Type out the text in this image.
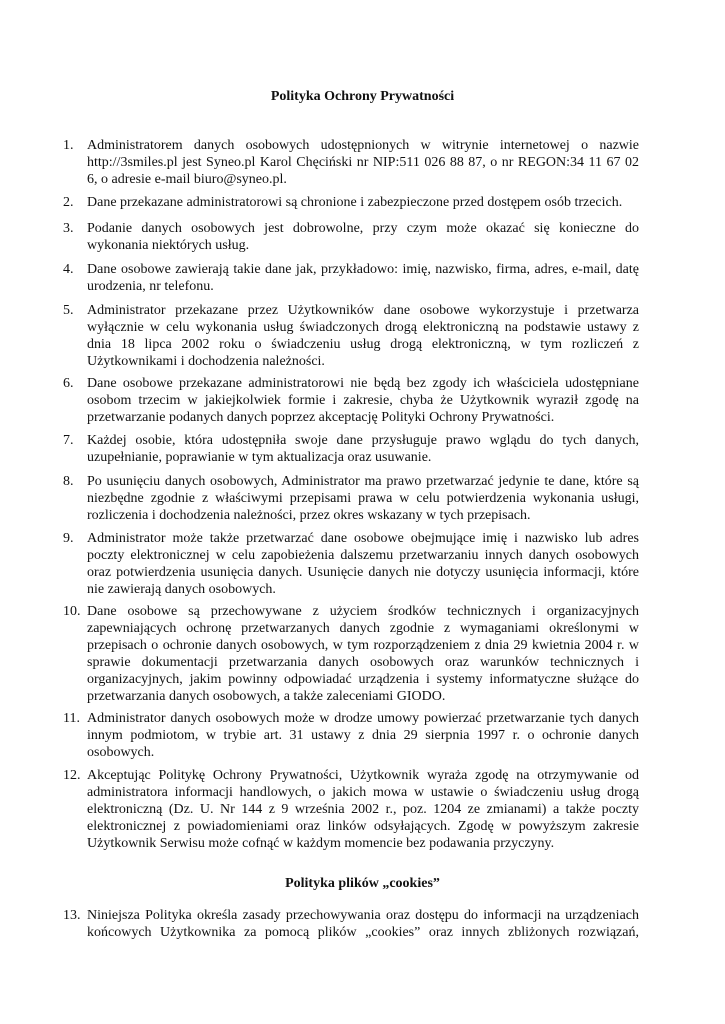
Polityka Ochrony Prywatności
1. Administratorem danych osobowych udostępnionych w witrynie internetowej o nazwie
http://3smiles.pl jest Syneo.pl Karol Chęciński nr NIP:511 026 88 87, o nr REGON:34 11 67 02
6, o adresie e-mail biuro@syneo.pl.
2. Dane przekazane administratorowi są chronione i zabezpieczone przed dostępem osób trzecich.
3. Podanie danych osobowych jest dobrowolne, przy czym może okazać się konieczne do
wykonania niektórych usług.
4. Dane osobowe zawierają takie dane jak, przykładowo: imię, nazwisko, firma, adres, e-mail, datę
urodzenia, nr telefonu.
5. Administrator przekazane przez Użytkowników dane osobowe wykorzystuje i przetwarza
wyłącznie w celu wykonania usług świadczonych drogą elektroniczną na podstawie ustawy z
dnia 18 lipca 2002 roku o świadczeniu usług drogą elektroniczną, w tym rozliczeń z
Użytkownikami i dochodzenia należności.
6. Dane osobowe przekazane administratorowi nie będą bez zgody ich właściciela udostępniane
osobom trzecim w jakiejkolwiek formie i zakresie, chyba że Użytkownik wyraził zgodę na
przetwarzanie podanych danych poprzez akceptację Polityki Ochrony Prywatności.
7. Każdej osobie, która udostępniła swoje dane przysługuje prawo wglądu do tych danych,
uzupełnianie, poprawianie w tym aktualizacja oraz usuwanie.
8. Po usunięciu danych osobowych, Administrator ma prawo przetwarzać jedynie te dane, które są
niezbędne zgodnie z właściwymi przepisami prawa w celu potwierdzenia wykonania usługi,
rozliczenia i dochodzenia należności, przez okres wskazany w tych przepisach.
9. Administrator może także przetwarzać dane osobowe obejmujące imię i nazwisko lub adres
poczty elektronicznej w celu zapobieżenia dalszemu przetwarzaniu innych danych osobowych
oraz potwierdzenia usunięcia danych. Usunięcie danych nie dotyczy usunięcia informacji, które
nie zawierają danych osobowych.
10. Dane osobowe są przechowywane z użyciem środków technicznych i organizacyjnych
zapewniających ochronę przetwarzanych danych zgodnie z wymaganiami określonymi w
przepisach o ochronie danych osobowych, w tym rozporządzeniem z dnia 29 kwietnia 2004 r. w
sprawie dokumentacji przetwarzania danych osobowych oraz warunków technicznych i
organizacyjnych, jakim powinny odpowiadać urządzenia i systemy informatyczne służące do
przetwarzania danych osobowych, a także zaleceniami GIODO.
11. Administrator danych osobowych może w drodze umowy powierzać przetwarzanie tych danych
innym podmiotom, w trybie art. 31 ustawy z dnia 29 sierpnia 1997 r. o ochronie danych
osobowych.
12. Akceptując Politykę Ochrony Prywatności, Użytkownik wyraża zgodę na otrzymywanie od
administratora informacji handlowych, o jakich mowa w ustawie o świadczeniu usług drogą
elektroniczną (Dz. U. Nr 144 z 9 września 2002 r., poz. 1204 ze zmianami) a także poczty
elektronicznej z powiadomieniami oraz linków odsyłających. Zgodę w powyższym zakresie
Użytkownik Serwisu może cofnąć w każdym momencie bez podawania przyczyny.
Polityka plików „cookies”
13. Niniejsza Polityka określa zasady przechowywania oraz dostępu do informacji na urządzeniach
końcowych Użytkownika za pomocą plików „cookies” oraz innych zbliżonych rozwiązań,
